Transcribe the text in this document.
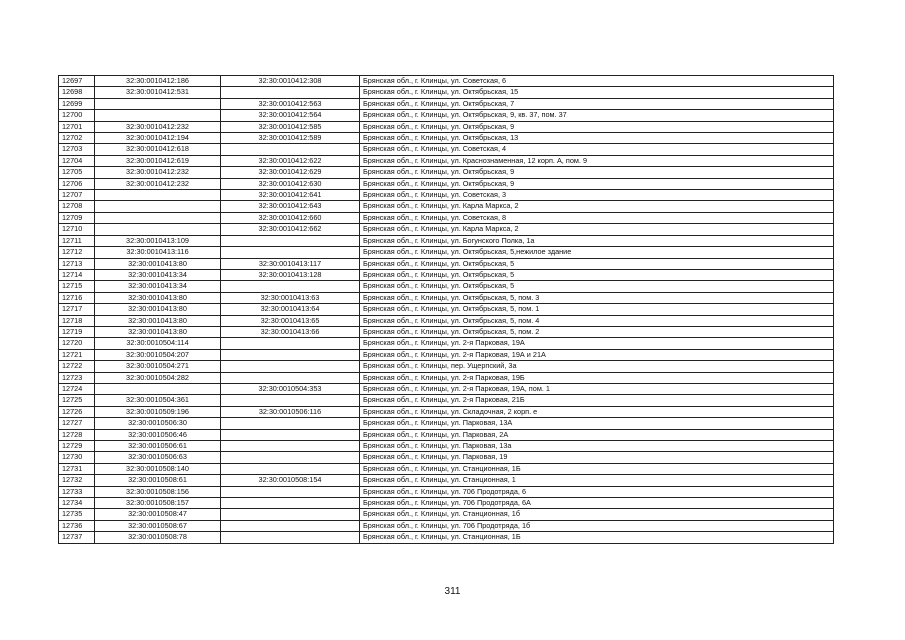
12697	32:30:0010412:186	32:30:0010412:308	Брянская обл., г. Клинцы, ул. Советская, 6
12698	32:30:0010412:531		Брянская обл., г. Клинцы, ул. Октябрьская, 15
12699		32:30:0010412:563	Брянская обл., г. Клинцы, ул. Октябрьская, 7
12700		32:30:0010412:564	Брянская обл., г. Клинцы, ул. Октябрьская, 9, кв. 37, пом. 37
12701	32:30:0010412:232	32:30:0010412:585	Брянская обл., г. Клинцы, ул. Октябрьская, 9
12702	32:30:0010412:194	32:30:0010412:589	Брянская обл., г. Клинцы, ул. Октябрьская, 13
12703	32:30:0010412:618		Брянская обл., г. Клинцы, ул. Советская, 4
12704	32:30:0010412:619	32:30:0010412:622	Брянская обл., г. Клинцы, ул. Краснознаменная, 12 корп. А, пом. 9
12705	32:30:0010412:232	32:30:0010412:629	Брянская обл., г. Клинцы, ул. Октябрьская, 9
12706	32:30:0010412:232	32:30:0010412:630	Брянская обл., г. Клинцы, ул. Октябрьская, 9
12707		32:30:0010412:641	Брянская обл., г. Клинцы, ул. Советская, 3
12708		32:30:0010412:643	Брянская обл., г. Клинцы, ул. Карла Маркса, 2
12709		32:30:0010412:660	Брянская обл., г. Клинцы, ул. Советская, 8
12710		32:30:0010412:662	Брянская обл., г. Клинцы, ул. Карла Маркса, 2
12711	32:30:0010413:109		Брянская обл., г. Клинцы, ул. Богунского Полка, 1а
12712	32:30:0010413:116		Брянская обл., г. Клинцы, ул. Октябрьская, 5,нежилое здание
12713	32:30:0010413:80	32:30:0010413:117	Брянская обл., г. Клинцы, ул. Октябрьская, 5
12714	32:30:0010413:34	32:30:0010413:128	Брянская обл., г. Клинцы, ул. Октябрьская, 5
12715	32:30:0010413:34		Брянская обл., г. Клинцы, ул. Октябрьская, 5
12716	32:30:0010413:80	32:30:0010413:63	Брянская обл., г. Клинцы, ул. Октябрьская, 5, пом. 3
12717	32:30:0010413:80	32:30:0010413:64	Брянская обл., г. Клинцы, ул. Октябрьская, 5, пом. 1
12718	32:30:0010413:80	32:30:0010413:65	Брянская обл., г. Клинцы, ул. Октябрьская, 5, пом. 4
12719	32:30:0010413:80	32:30:0010413:66	Брянская обл., г. Клинцы, ул. Октябрьская, 5, пом. 2
12720	32:30:0010504:114		Брянская обл., г. Клинцы, ул. 2-я Парковая, 19А
12721	32:30:0010504:207		Брянская обл., г. Клинцы, ул. 2-я Парковая, 19А и 21А
12722	32:30:0010504:271		Брянская обл., г. Клинцы, пер. Ущерпский, 3а
12723	32:30:0010504:282		Брянская обл., г. Клинцы, ул. 2-я Парковая, 19Б
12724		32:30:0010504:353	Брянская обл., г. Клинцы, ул. 2-я Парковая, 19А, пом. 1
12725	32:30:0010504:361		Брянская обл., г. Клинцы, ул. 2-я Парковая, 21Б
12726	32:30:0010509:196	32:30:0010506:116	Брянская обл., г. Клинцы, ул. Складочная, 2 корп. е
12727	32:30:0010506:30		Брянская обл., г. Клинцы, ул. Парковая, 13А
12728	32:30:0010506:46		Брянская обл., г. Клинцы, ул. Парковая, 2А
12729	32:30:0010506:61		Брянская обл., г. Клинцы, ул. Парковая, 13а
12730	32:30:0010506:63		Брянская обл., г. Клинцы, ул. Парковая, 19
12731	32:30:0010508:140		Брянская обл., г. Клинцы, ул. Станционная, 1Б
12732	32:30:0010508:61	32:30:0010508:154	Брянская обл., г. Клинцы, ул. Станционная, 1
12733	32:30:0010508:156		Брянская обл., г. Клинцы, ул. 706 Продотряда, 6
12734	32:30:0010508:157		Брянская обл., г. Клинцы, ул. 706 Продотряда, 6А
12735	32:30:0010508:47		Брянская обл., г. Клинцы, ул. Станционная, 1б
12736	32:30:0010508:67		Брянская обл., г. Клинцы, ул. 706 Продотряда, 1б
12737	32:30:0010508:78		Брянская обл., г. Клинцы, ул. Станционная, 1Б
311
